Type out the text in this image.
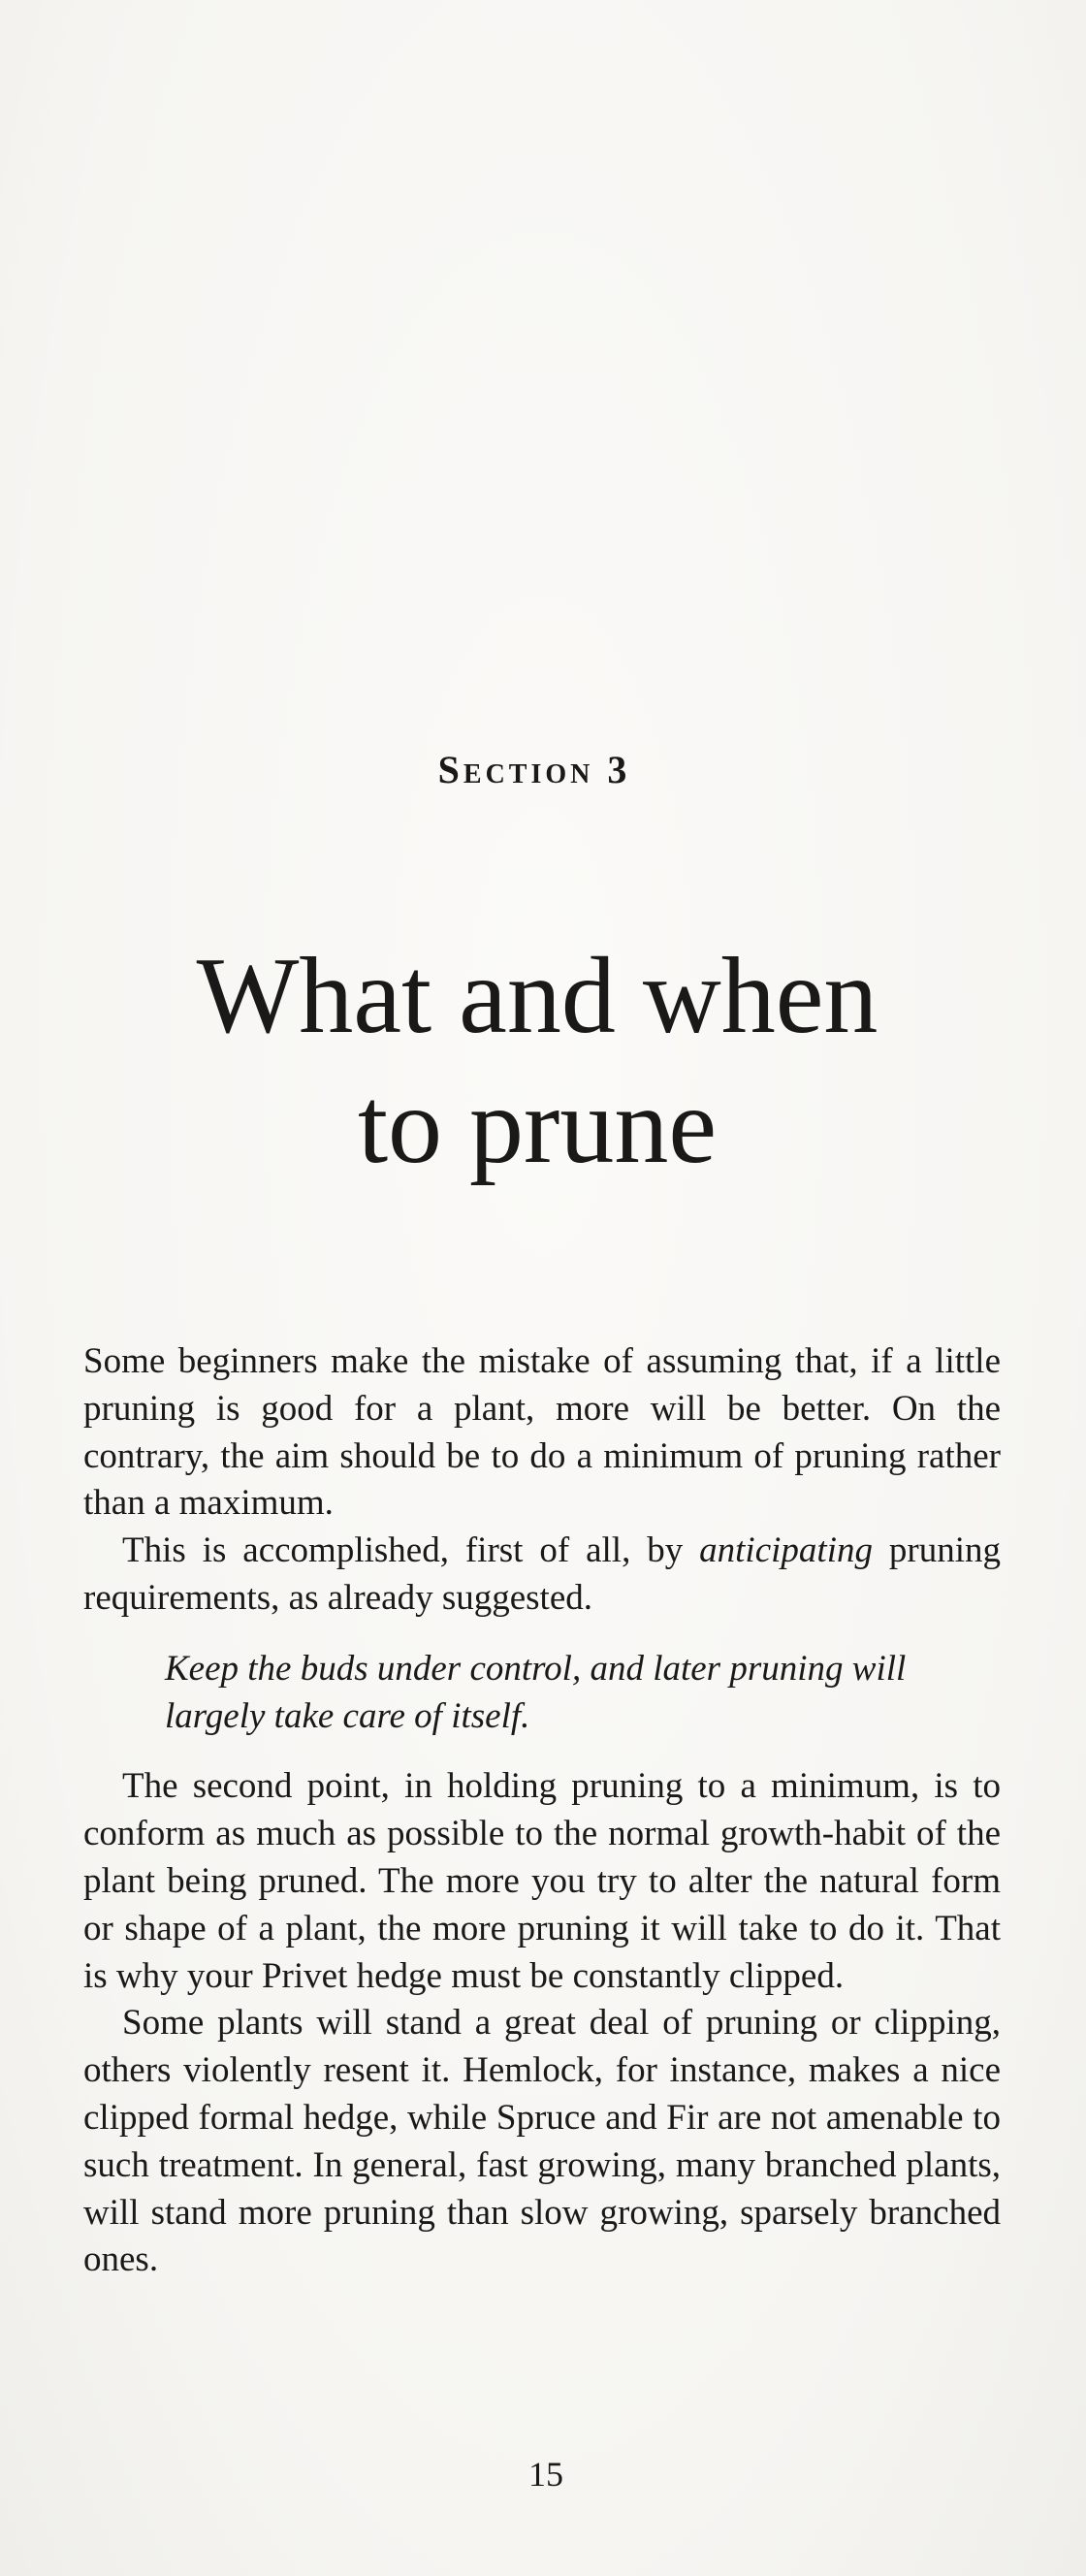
Section 3
What and when
to prune

Some beginners make the mistake of assuming that, if a little pruning is good for a plant, more will be better. On the contrary, the aim should be to do a minimum of pruning rather than a maximum.

This is accomplished, first of all, by anticipating pruning requirements, as already suggested.

Keep the buds under control, and later pruning will largely take care of itself.

The second point, in holding pruning to a minimum, is to conform as much as possible to the normal growth-habit of the plant being pruned. The more you try to alter the natural form or shape of a plant, the more pruning it will take to do it. That is why your Privet hedge must be constantly clipped.

Some plants will stand a great deal of pruning or clipping, others violently resent it. Hemlock, for instance, makes a nice clipped formal hedge, while Spruce and Fir are not amenable to such treatment. In general, fast growing, many branched plants, will stand more pruning than slow growing, sparsely branched ones.

15
